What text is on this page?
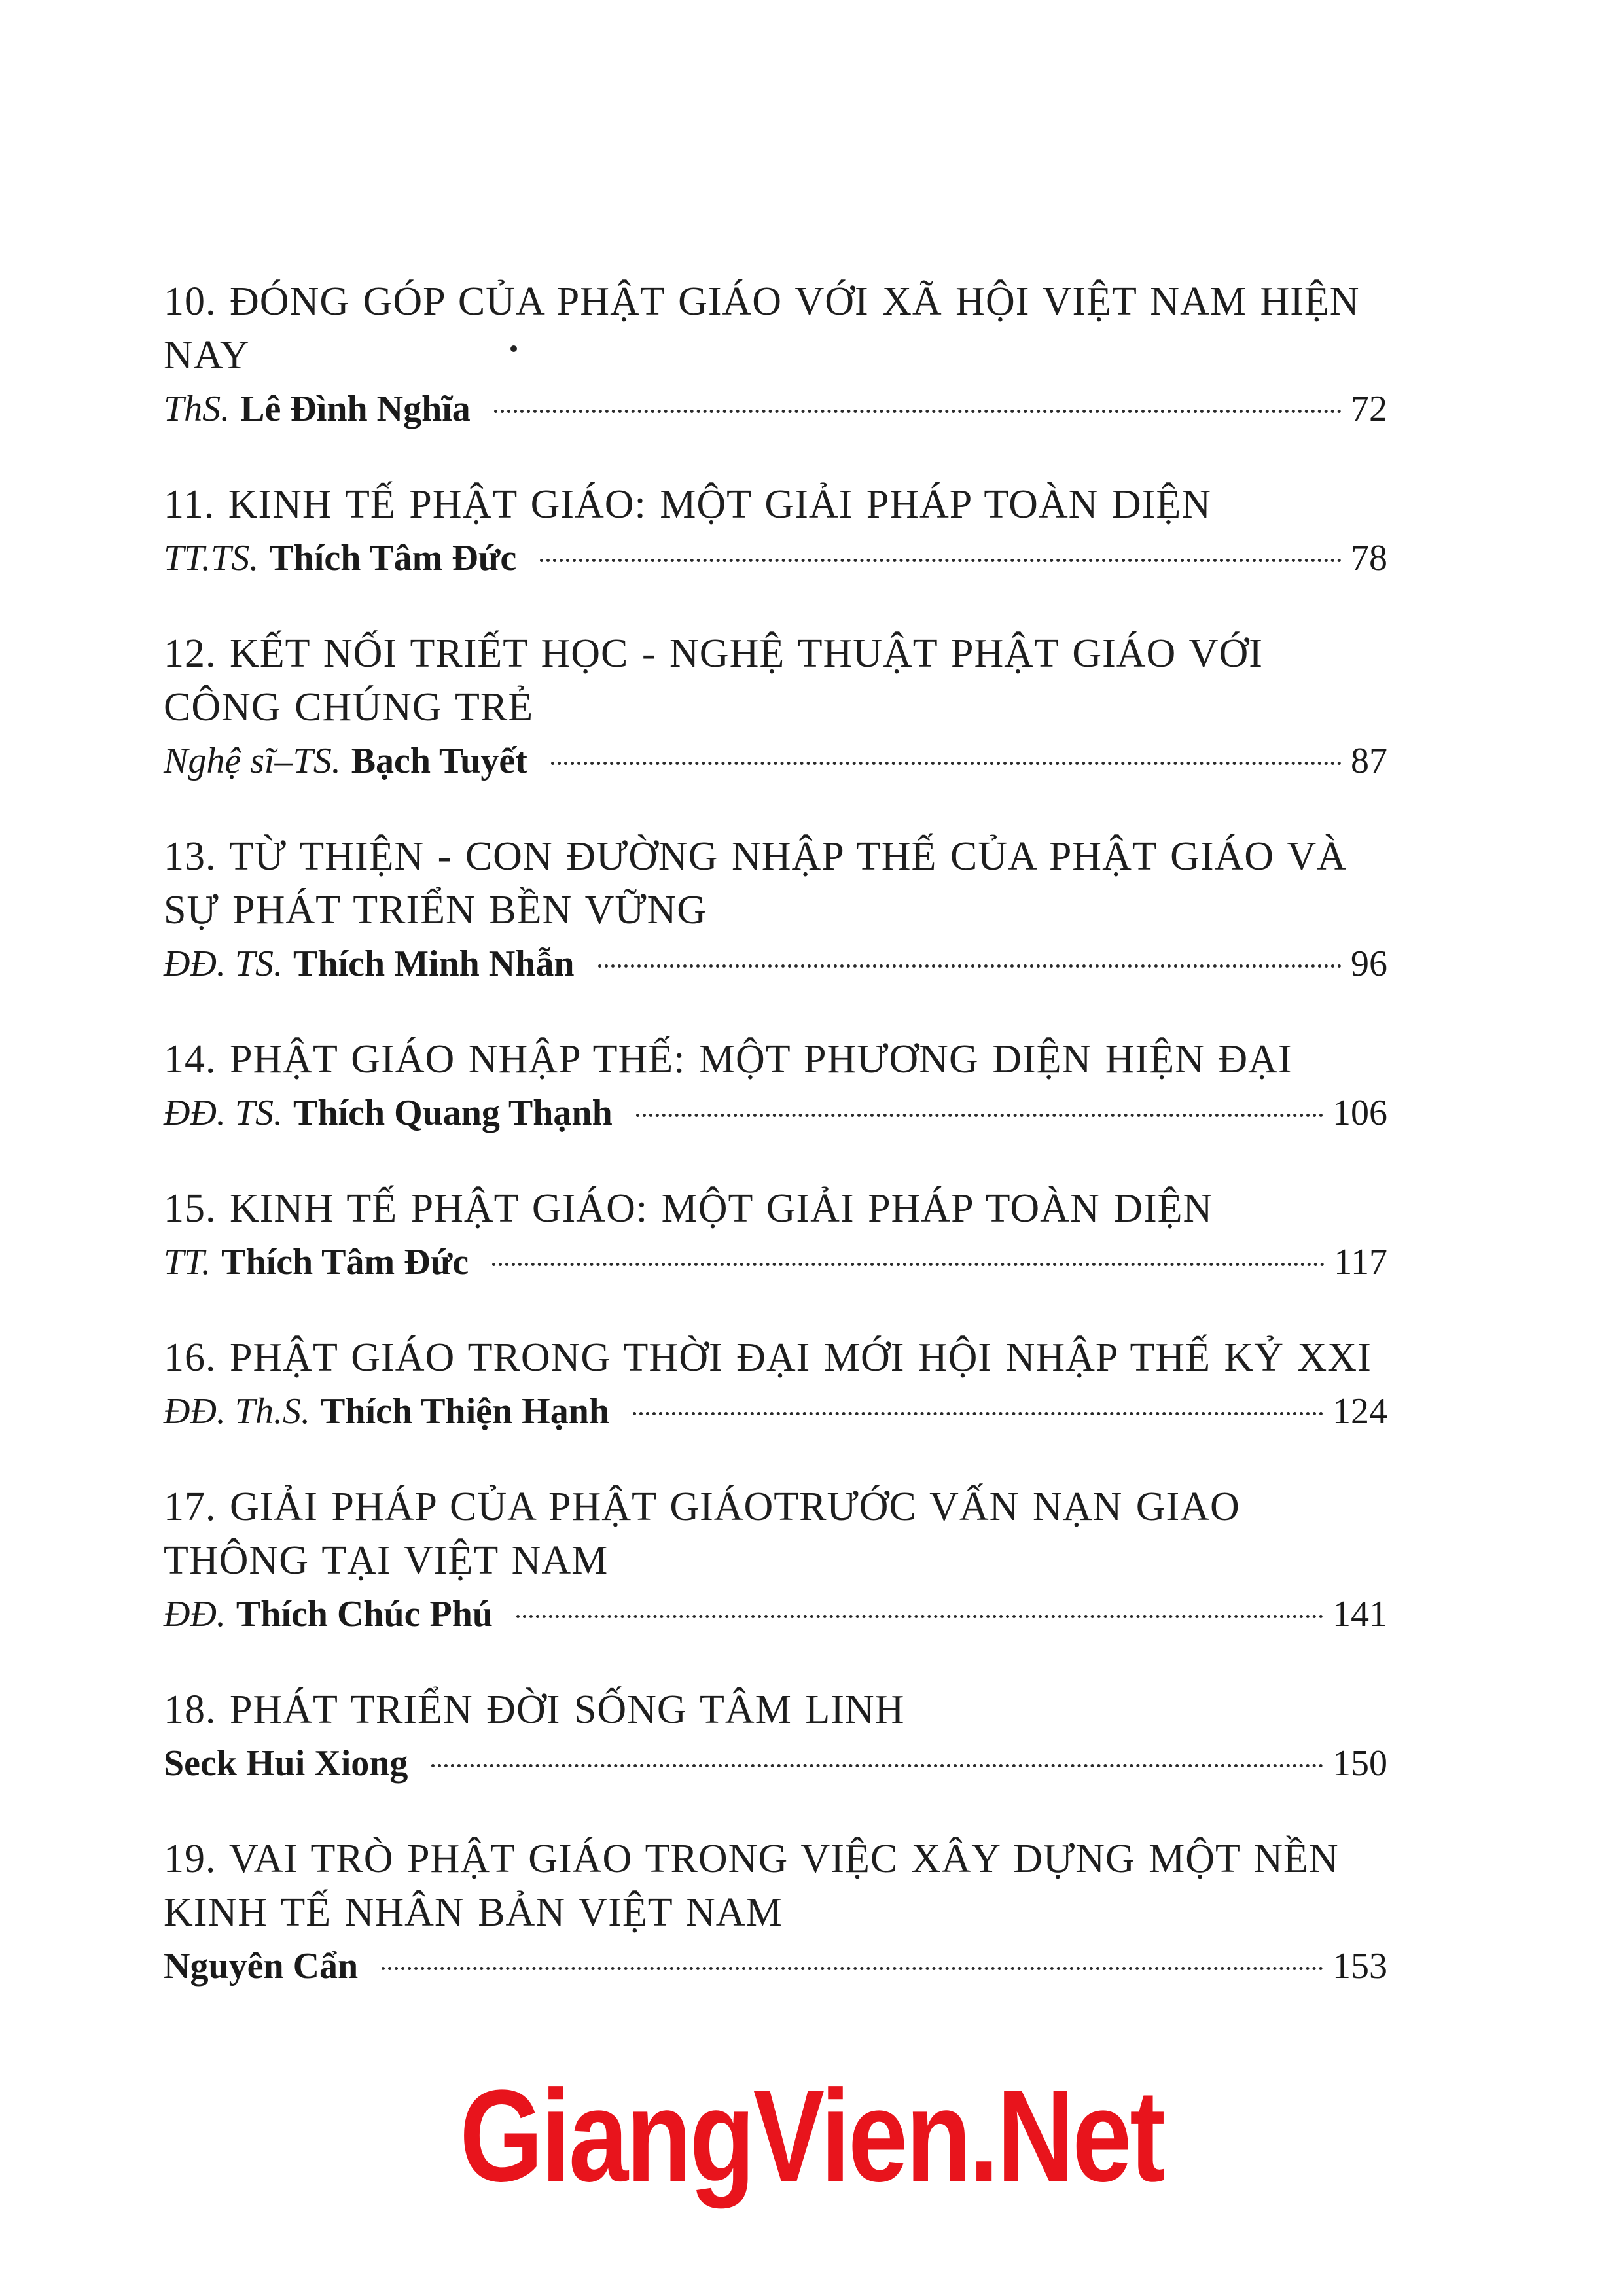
10. ĐÓNG GÓP CỦA PHẬT GIÁO VỚI XÃ HỘI VIỆT NAM HIỆN NAY
ThS. Lê Đình Nghĩa	72
11. KINH TẾ PHẬT GIÁO: MỘT GIẢI PHÁP TOÀN DIỆN
TT.TS. Thích Tâm Đức	78
12. KẾT NỐI TRIẾT HỌC - NGHỆ THUẬT PHẬT GIÁO VỚI CÔNG CHÚNG TRẺ
Nghệ sĩ–TS. Bạch Tuyết	87
13. TỪ THIỆN - CON ĐƯỜNG NHẬP THẾ CỦA PHẬT GIÁO VÀ SỰ PHÁT TRIỂN BỀN VỮNG
ĐĐ. TS. Thích Minh Nhẫn	96
14. PHẬT GIÁO NHẬP THẾ: MỘT PHƯƠNG DIỆN HIỆN ĐẠI
ĐĐ. TS. Thích Quang Thạnh	106
15. KINH TẾ PHẬT GIÁO: MỘT GIẢI PHÁP TOÀN DIỆN
TT. Thích Tâm Đức	117
16. PHẬT GIÁO TRONG THỜI ĐẠI MỚI HỘI NHẬP THẾ KỶ XXI
ĐĐ. Th.S. Thích Thiện Hạnh	124
17. GIẢI PHÁP CỦA PHẬT GIÁOTRƯỚC VẤN NẠN GIAO THÔNG TẠI VIỆT NAM
ĐĐ. Thích Chúc Phú	141
18. PHÁT TRIỂN ĐỜI SỐNG TÂM LINH
Seck Hui Xiong	150
19. VAI TRÒ PHẬT GIÁO TRONG VIỆC XÂY DỰNG MỘT NỀN KINH TẾ NHÂN BẢN VIỆT NAM
Nguyên Cẩn	153
GiangVien.Net
